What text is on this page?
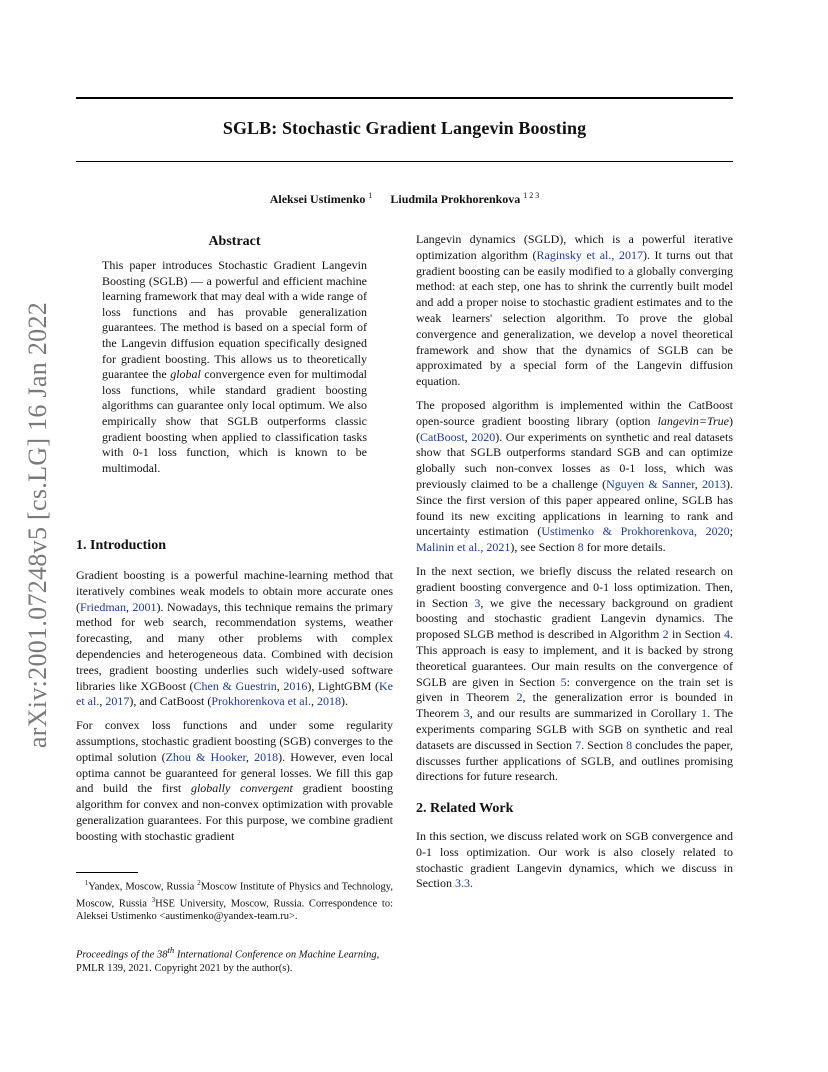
SGLB: Stochastic Gradient Langevin Boosting
Aleksei Ustimenko $^1$ Liudmila Prokhorenkova $^{1 2 3}$
arXiv:2001.07248v5 [cs.LG] 16 Jan 2022
Abstract
This paper introduces Stochastic Gradient Langevin Boosting (SGLB) — a powerful and efficient machine learning framework that may deal with a wide range of loss functions and has provable generalization guarantees. The method is based on a special form of the Langevin diffusion equation specifically designed for gradient boosting. This allows us to theoretically guarantee the global convergence even for multimodal loss functions, while standard gradient boosting algorithms can guarantee only local optimum. We also empirically show that SGLB outperforms classic gradient boosting when applied to classification tasks with 0-1 loss function, which is known to be multimodal.
1. Introduction

Gradient boosting is a powerful machine-learning method that iteratively combines weak models to obtain more accurate ones (Friedman, 2001). Nowadays, this technique remains the primary method for web search, recommendation systems, weather forecasting, and many other problems with complex dependencies and heterogeneous data. Combined with decision trees, gradient boosting underlies such widely-used software libraries like XGBoost (Chen & Guestrin, 2016), LightGBM (Ke et al., 2017), and CatBoost (Prokhorenkova et al., 2018).

For convex loss functions and under some regularity assumptions, stochastic gradient boosting (SGB) converges to the optimal solution (Zhou & Hooker, 2018). However, even local optima cannot be guaranteed for general losses. We fill this gap and build the first globally convergent gradient boosting algorithm for convex and non-convex optimization with provable generalization guarantees. For this purpose, we combine gradient boosting with stochastic gradient

$^1$Yandex, Moscow, Russia $^2$Moscow Institute of Physics and Technology, Moscow, Russia $^3$HSE University, Moscow, Russia. Correspondence to: Aleksei Ustimenko <austimenko@yandex-team.ru>.
Proceedings of the 38th International Conference on Machine Learning, PMLR 139, 2021. Copyright 2021 by the author(s).

Langevin dynamics (SGLD), which is a powerful iterative optimization algorithm (Raginsky et al., 2017). It turns out that gradient boosting can be easily modified to a globally converging method: at each step, one has to shrink the currently built model and add a proper noise to stochastic gradient estimates and to the weak learners' selection algorithm. To prove the global convergence and generalization, we develop a novel theoretical framework and show that the dynamics of SGLB can be approximated by a special form of the Langevin diffusion equation.

The proposed algorithm is implemented within the CatBoost open-source gradient boosting library (option langevin=True) (CatBoost, 2020). Our experiments on synthetic and real datasets show that SGLB outperforms standard SGB and can optimize globally such non-convex losses as 0-1 loss, which was previously claimed to be a challenge (Nguyen & Sanner, 2013). Since the first version of this paper appeared online, SGLB has found its new exciting applications in learning to rank and uncertainty estimation (Ustimenko & Prokhorenkova, 2020; Malinin et al., 2021), see Section 8 for more details.

In the next section, we briefly discuss the related research on gradient boosting convergence and 0-1 loss optimization. Then, in Section 3, we give the necessary background on gradient boosting and stochastic gradient Langevin dynamics. The proposed SLGB method is described in Algorithm 2 in Section 4. This approach is easy to implement, and it is backed by strong theoretical guarantees. Our main results on the convergence of SGLB are given in Section 5: convergence on the train set is given in Theorem 2, the generalization error is bounded in Theorem 3, and our results are summarized in Corollary 1. The experiments comparing SGLB with SGB on synthetic and real datasets are discussed in Section 7. Section 8 concludes the paper, discusses further applications of SGLB, and outlines promising directions for future research.

2. Related Work

In this section, we discuss related work on SGB convergence and 0-1 loss optimization. Our work is also closely related to stochastic gradient Langevin dynamics, which we discuss in Section 3.3.
